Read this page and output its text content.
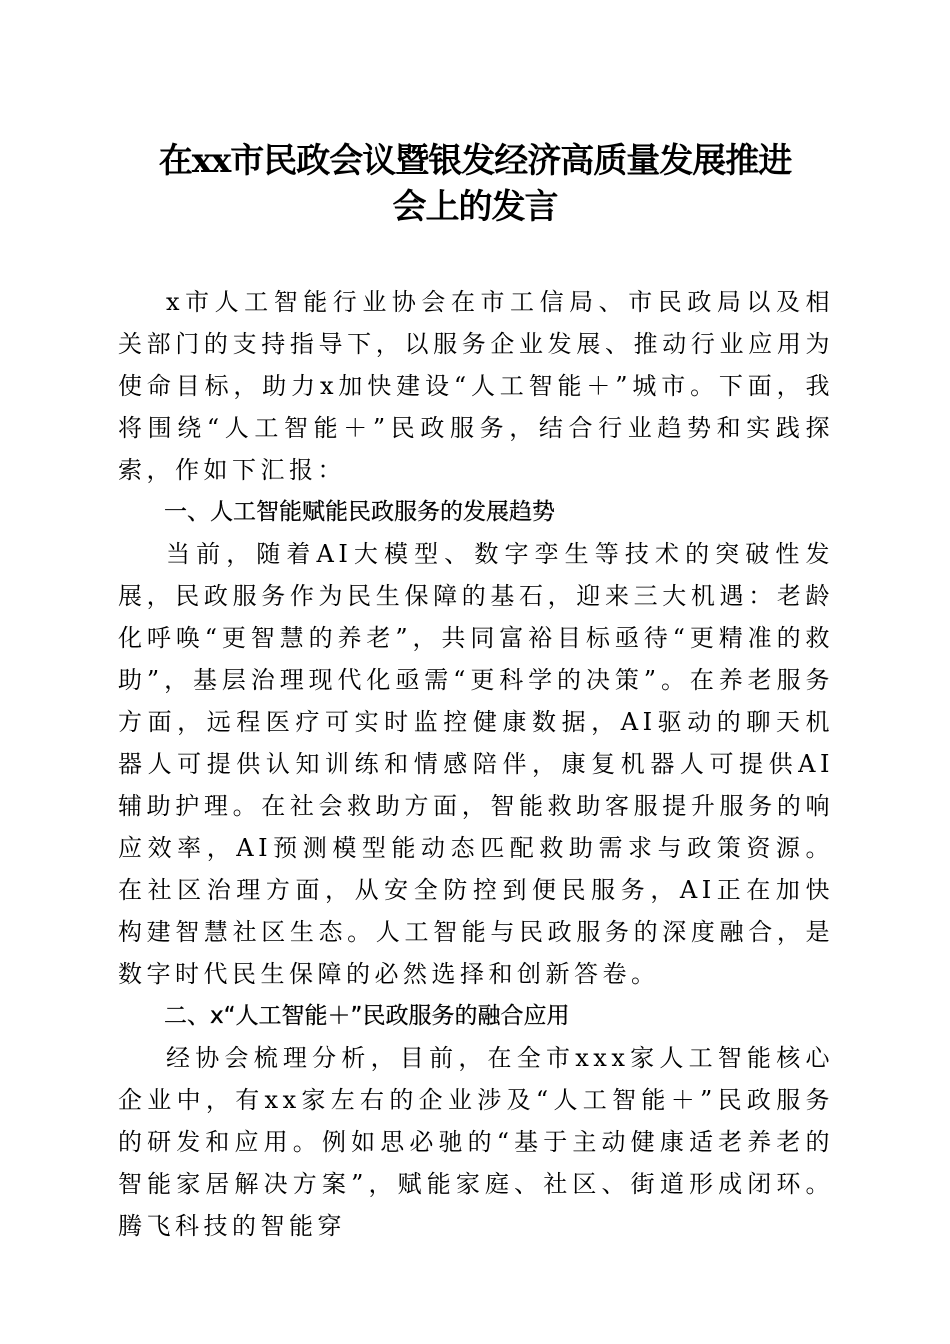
在xx市民政会议暨银发经济高质量发展推进
会上的发言

x市人工智能行业协会在市工信局、市民政局以及相关部门的支持指导下，以服务企业发展、推动行业应用为使命目标，助力x加快建设“人工智能＋”城市。下面，我将围绕“人工智能＋”民政服务，结合行业趋势和实践探索，作如下汇报：

一、人工智能赋能民政服务的发展趋势

当前，随着AI大模型、数字孪生等技术的突破性发展，民政服务作为民生保障的基石，迎来三大机遇：老龄化呼唤“更智慧的养老”，共同富裕目标亟待“更精准的救助”，基层治理现代化亟需“更科学的决策”。在养老服务方面，远程医疗可实时监控健康数据，AI驱动的聊天机器人可提供认知训练和情感陪伴，康复机器人可提供AI辅助护理。在社会救助方面，智能救助客服提升服务的响应效率，AI预测模型能动态匹配救助需求与政策资源。在社区治理方面，从安全防控到便民服务，AI正在加快构建智慧社区生态。人工智能与民政服务的深度融合，是数字时代民生保障的必然选择和创新答卷。

二、x“人工智能＋”民政服务的融合应用

经协会梳理分析，目前，在全市xxx家人工智能核心企业中，有xx家左右的企业涉及“人工智能＋”民政服务的研发和应用。例如思必驰的“基于主动健康适老养老的智能家居解决方案”，赋能家庭、社区、街道形成闭环。腾飞科技的智能穿
